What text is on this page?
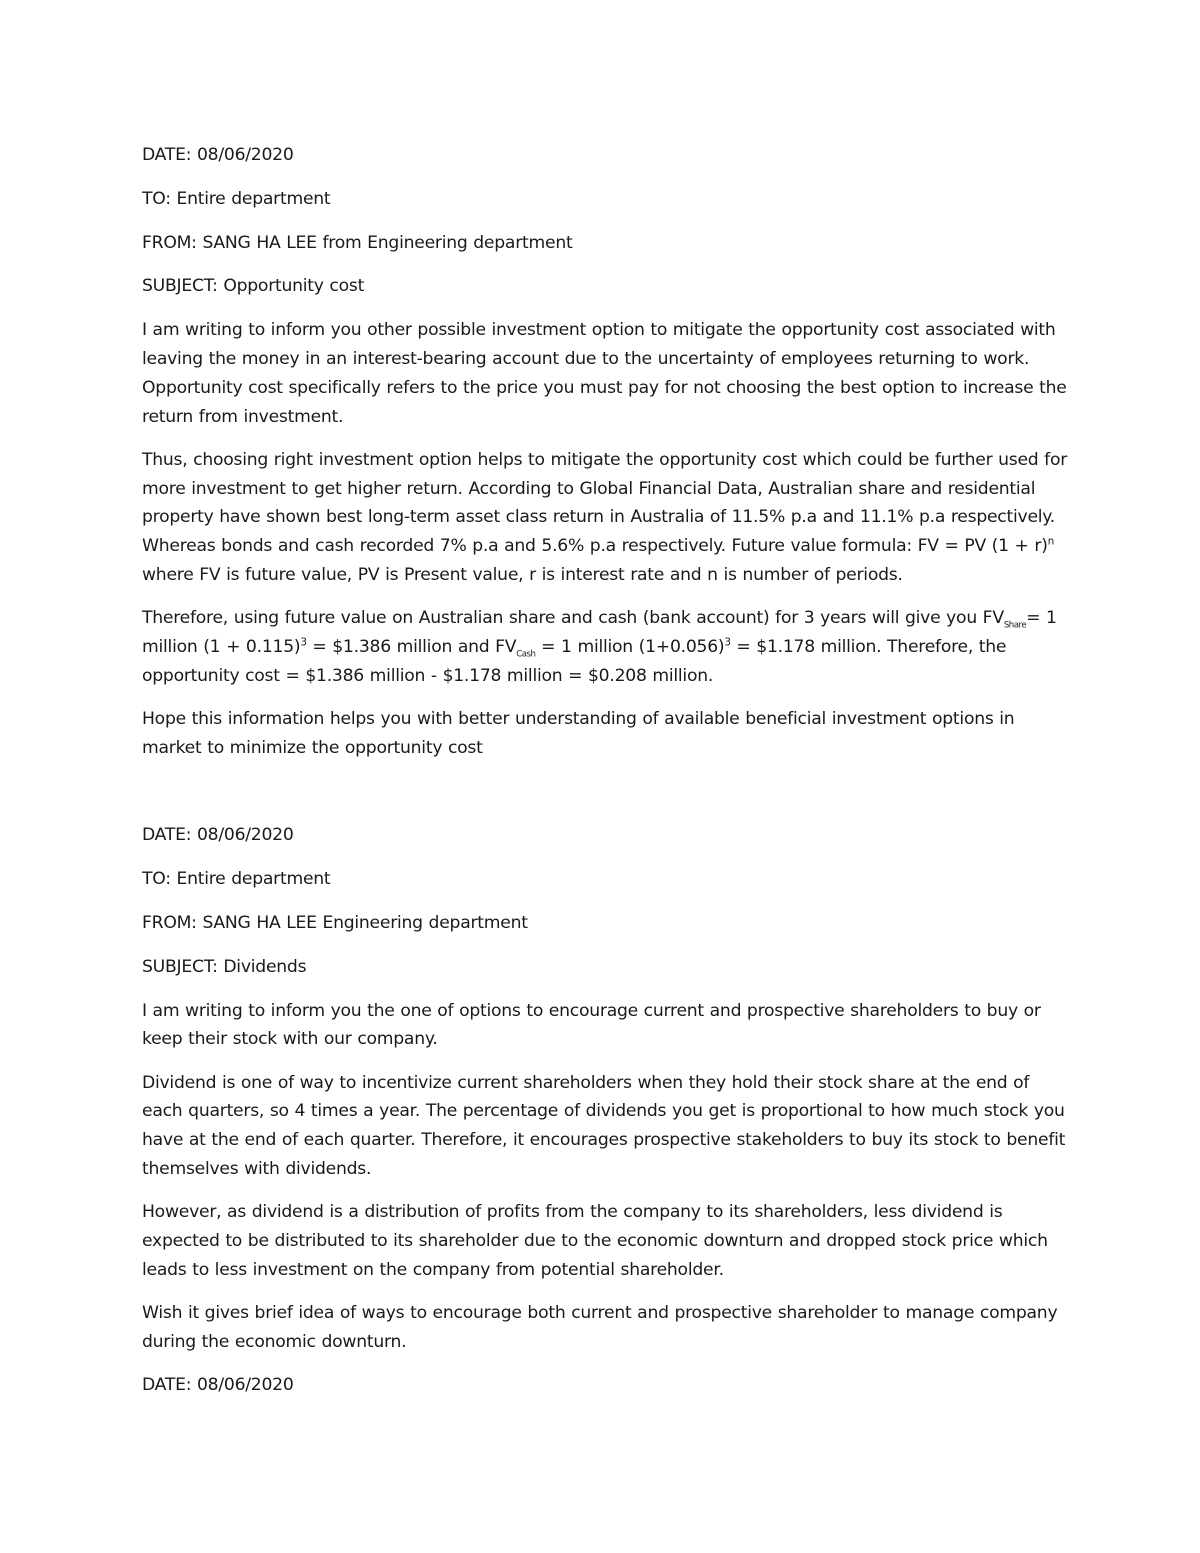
DATE: 08/06/2020

TO: Entire department

FROM: SANG HA LEE from Engineering department

SUBJECT: Opportunity cost

I am writing to inform you other possible investment option to mitigate the opportunity cost associated with leaving the money in an interest-bearing account due to the uncertainty of employees returning to work. Opportunity cost specifically refers to the price you must pay for not choosing the best option to increase the return from investment.

Thus, choosing right investment option helps to mitigate the opportunity cost which could be further used for more investment to get higher return. According to Global Financial Data, Australian share and residential property have shown best long-term asset class return in Australia of 11.5% p.a and 11.1% p.a respectively. Whereas bonds and cash recorded 7% p.a and 5.6% p.a respectively. Future value formula: FV = PV $(1 + r)^n$ where FV is future value, PV is Present value, r is interest rate and n is number of periods.

Therefore, using future value on Australian share and cash (bank account) for 3 years will give you $FV_{Share}= 1$ million $(1 + 0.115)^3$ = $1.386 million and $FV_{Cash} = 1$ million $(1+0.056)^3$ = $1.178 million. Therefore, the opportunity cost = $1.386 million - $1.178 million = $0.208 million.

Hope this information helps you with better understanding of available beneficial investment options in market to minimize the opportunity cost

DATE: 08/06/2020

TO: Entire department

FROM: SANG HA LEE Engineering department

SUBJECT: Dividends

I am writing to inform you the one of options to encourage current and prospective shareholders to buy or keep their stock with our company.

Dividend is one of way to incentivize current shareholders when they hold their stock share at the end of each quarters, so 4 times a year. The percentage of dividends you get is proportional to how much stock you have at the end of each quarter. Therefore, it encourages prospective stakeholders to buy its stock to benefit themselves with dividends.

However, as dividend is a distribution of profits from the company to its shareholders, less dividend is expected to be distributed to its shareholder due to the economic downturn and dropped stock price which leads to less investment on the company from potential shareholder.

Wish it gives brief idea of ways to encourage both current and prospective shareholder to manage company during the economic downturn.

DATE: 08/06/2020
